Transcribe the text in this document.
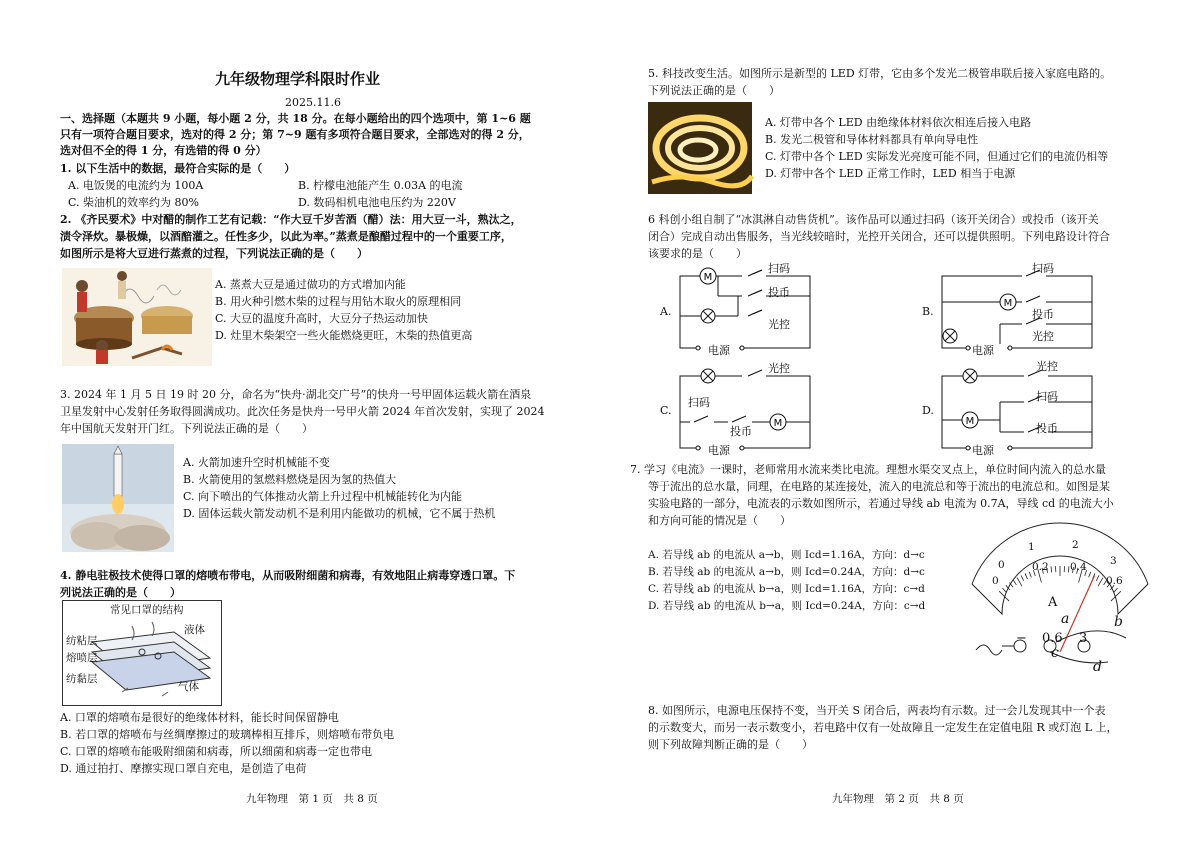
九年级物理学科限时作业
2025.11.6
一、选择题（本题共 9 小题，每小题 2 分，共 18 分。在每小题给出的四个选项中，第 1~6 题
只有一项符合题目要求，选对的得 2 分；第 7~9 题有多项符合题目要求，全部选对的得 2 分，
选对但不全的得 1 分，有选错的得 0 分）
1. 以下生活中的数据，最符合实际的是（　　）
A. 电饭煲的电流约为 100A	B. 柠檬电池能产生 0.03A 的电流
C. 柴油机的效率约为 80%	D. 数码相机电池电压约为 220V
2. 《齐民要术》中对醋的制作工艺有记载：“作大豆千岁苦酒（醋）法：用大豆一斗，熟汰之，
渍令泽炊。暴极燥，以酒醅灌之。任性多少，以此为率。”蒸煮是酿醋过程中的一个重要工序，
如图所示是将大豆进行蒸煮的过程，下列说法正确的是（　　）
A. 蒸煮大豆是通过做功的方式增加内能
B. 用火种引燃木柴的过程与用钻木取火的原理相同
C. 大豆的温度升高时，大豆分子热运动加快
D. 灶里木柴架空一些火能燃烧更旺，木柴的热值更高
3. 2024 年 1 月 5 日 19 时 20 分，命名为“快舟·湖北交广号”的快舟一号甲固体运载火箭在酒泉
卫星发射中心发射任务取得圆满成功。此次任务是快舟一号甲火箭 2024 年首次发射，实现了 2024
年中国航天发射开门红。下列说法正确的是（　　）
A. 火箭加速升空时机械能不变
B. 火箭使用的氢燃料燃烧是因为氢的热值大
C. 向下喷出的气体推动火箭上升过程中机械能转化为内能
D. 固体运载火箭发动机不是利用内能做功的机械，它不属于热机
4. 静电驻极技术使得口罩的熔喷布带电，从而吸附细菌和病毒，有效地阻止病毒穿透口罩。下
列说法正确的是（　　）
常见口罩的结构
纺粘层
熔喷层
纺黏层
液体
气体
A. 口罩的熔喷布是很好的绝缘体材料，能长时间保留静电
B. 若口罩的熔喷布与丝绸摩擦过的玻璃棒相互排斥，则熔喷布带负电
C. 口罩的熔喷布能吸附细菌和病毒，所以细菌和病毒一定也带电
D. 通过拍打、摩擦实现口罩自充电，是创造了电荷
九年物理　第 1 页　共 8 页
5. 科技改变生活。如图所示是新型的 LED 灯带，它由多个发光二极管串联后接入家庭电路的。
下列说法正确的是（　　）
A. 灯带中各个 LED 由绝缘体材料依次相连后接入电路
B. 发光二极管和导体材料都具有单向导电性
C. 灯带中各个 LED 实际发光亮度可能不同，但通过它们的电流仍相等
D. 灯带中各个 LED 正常工作时，LED 相当于电源
6 科创小组自制了“冰淇淋自动售货机”。该作品可以通过扫码（该开关闭合）或投币（该开关
闭合）完成自动出售服务，当光线较暗时，光控开关闭合，还可以提供照明。下列电路设计符合
该要求的是（　　）
A.
M
扫码
投币
光控
电源
B.
M
扫码
投币
光控
电源
C.
M
光控
扫码
投币
电源
D.
M
光控
扫码
投币
电源
7. 学习《电流》一课时，老师常用水流来类比电流。理想水渠交叉点上，单位时间内流入的总水量
等于流出的总水量，同理，在电路的某连接处，流入的电流总和等于流出的电流总和。如图是某
实验电路的一部分，电流表的示数如图所示，若通过导线 ab 电流为 0.7A，导线 cd 的电流大小
和方向可能的情况是（　　）
A. 若导线 ab 的电流从 a→b，则 Icd=1.16A，方向：d→c
B. 若导线 ab 的电流从 a→b，则 Icd=0.24A，方向：d→c
C. 若导线 ab 的电流从 b→a，则 Icd=1.16A，方向：c→d
D. 若导线 ab 的电流从 b→a，则 Icd=0.24A，方向：c→d
0
1	2
3
0
0.2 0.4
0.6
A
− 0.6 3
a	b
c
d
8. 如图所示，电源电压保持不变，当开关 S 闭合后，两表均有示数。过一会儿发现其中一个表
的示数变大，而另一表示数变小，若电路中仅有一处故障且一定发生在定值电阻 R 或灯泡 L 上，
则下列故障判断正确的是（　　）
九年物理　第 2 页　共 8 页
